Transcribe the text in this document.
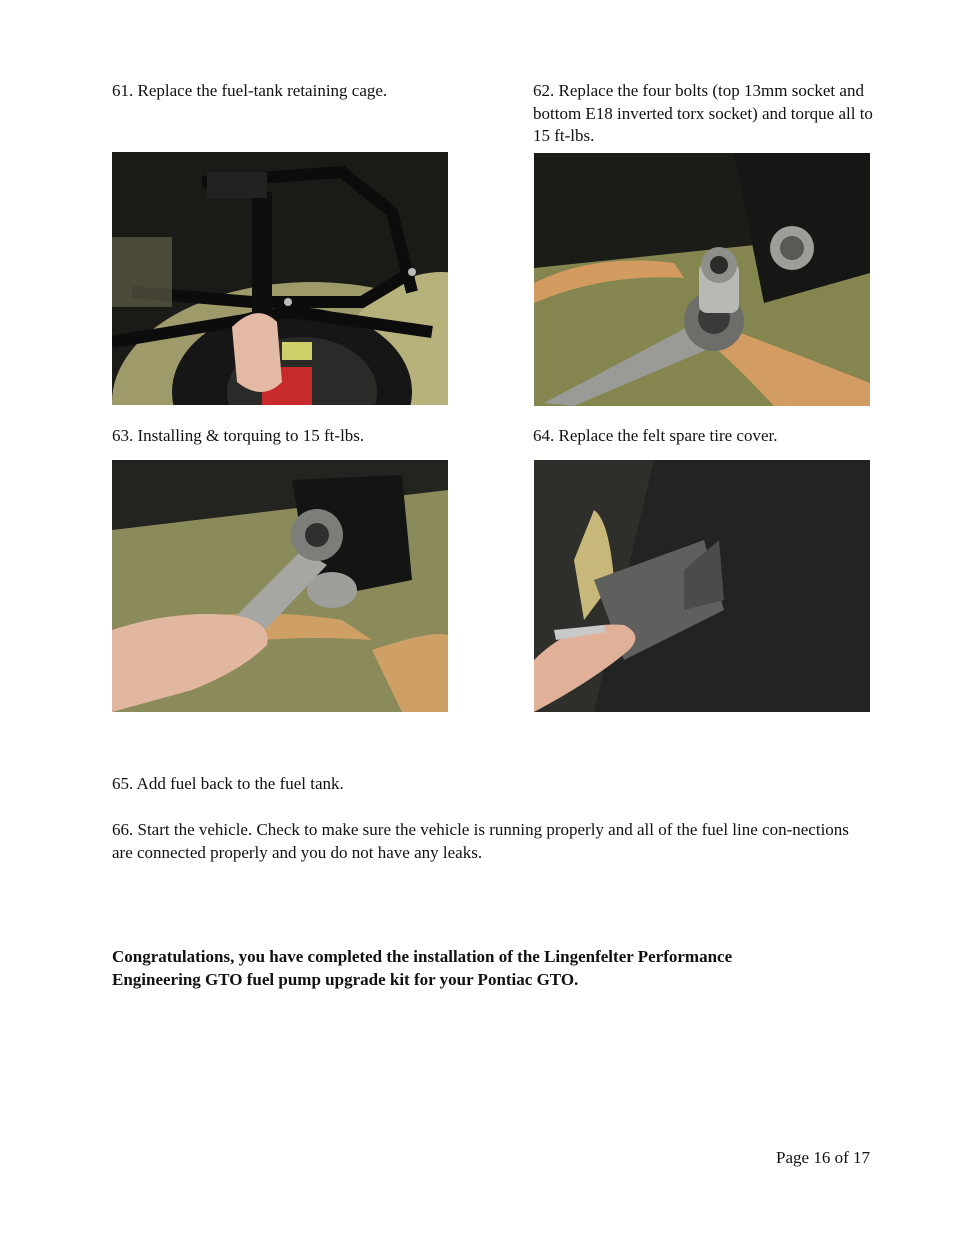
61. Replace the fuel-tank retaining cage.	62. Replace the four bolts (top 13mm socket and bottom E18 inverted torx socket) and torque all to 15 ft-lbs.
63. Installing & torquing to 15 ft-lbs.	64. Replace the felt spare tire cover.
65. Add fuel back to the fuel tank.
66. Start the vehicle. Check to make sure the vehicle is running properly and all of the fuel line con-nections are connected properly and you do not have any leaks.
Congratulations, you have completed the installation of the Lingenfelter Performance Engineering GTO fuel pump upgrade kit for your Pontiac GTO.
Page 16 of 17
